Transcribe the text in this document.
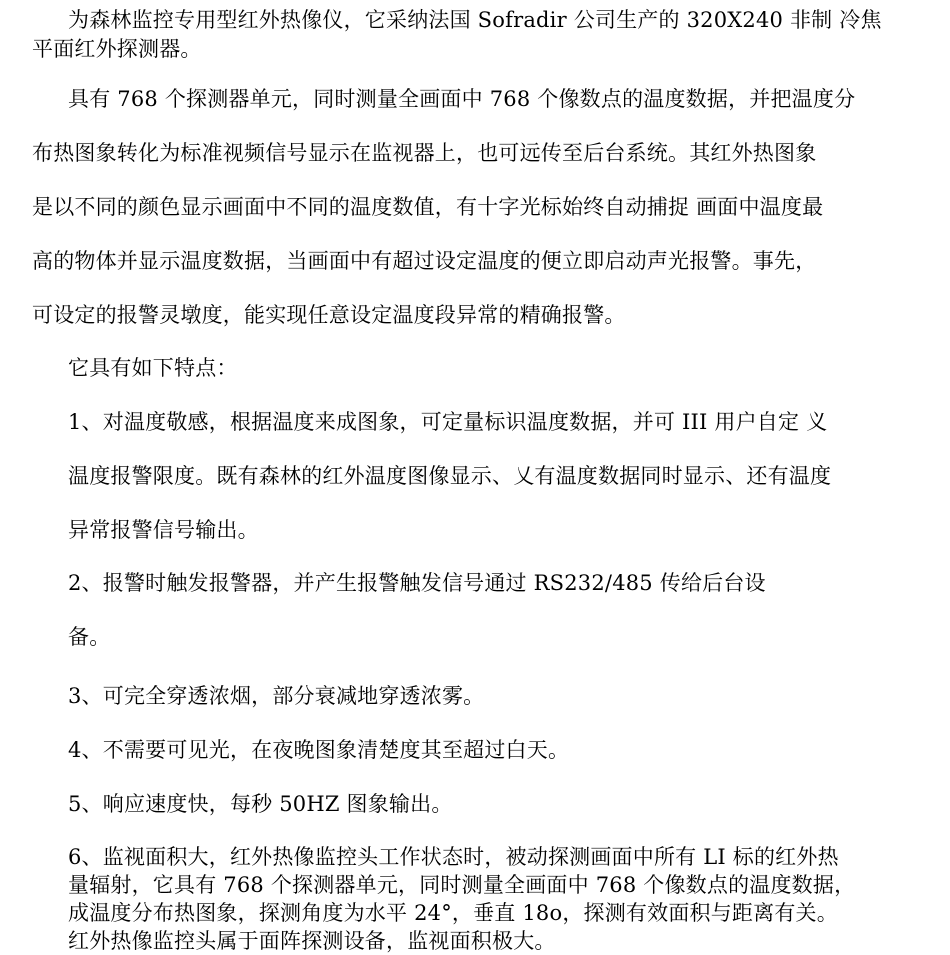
为森林监控专用型红外热像仪，它采纳法国 Sofradir 公司生产的 320X240 非制 冷焦
平面红外探测器。
具有 768 个探测器单元，同时测量全画面中 768 个像数点的温度数据，并把温度分
布热图象转化为标准视频信号显示在监视器上，也可远传至后台系统。其红外热图象
是以不同的颜色显示画面中不同的温度数值，有十字光标始终自动捕捉 画面中温度最
高的物体并显示温度数据，当画面中有超过设定温度的便立即启动声光报警。事先，
可设定的报警灵墩度，能实现任意设定温度段异常的精确报警。
它具有如下特点：
1、对温度敬感，根据温度来成图象，可定量标识温度数据，并可 III 用户自定 义
温度报警限度。既有森林的红外温度图像显示、乂有温度数据同时显示、还有温度
异常报警信号输出。
2、报警时触发报警器，并产生报警触发信号通过 RS232/485 传给后台设
备。
3、可完全穿透浓烟，部分衰减地穿透浓雾。
4、不需要可见光，在夜晚图象清楚度其至超过白天。
5、响应速度快，每秒 50HZ 图象输出。
6、监视面积大，红外热像监控头工作状态时，被动探测画面中所有 LI 标的红外热
量辐射，它具有 768 个探测器单元，同时测量全画面中 768 个像数点的温度数据，
成温度分布热图象，探测角度为水平 24°，垂直 18o，探测有效面积与距离有关。
红外热像监控头属于面阵探测设备，监视面积极大。
